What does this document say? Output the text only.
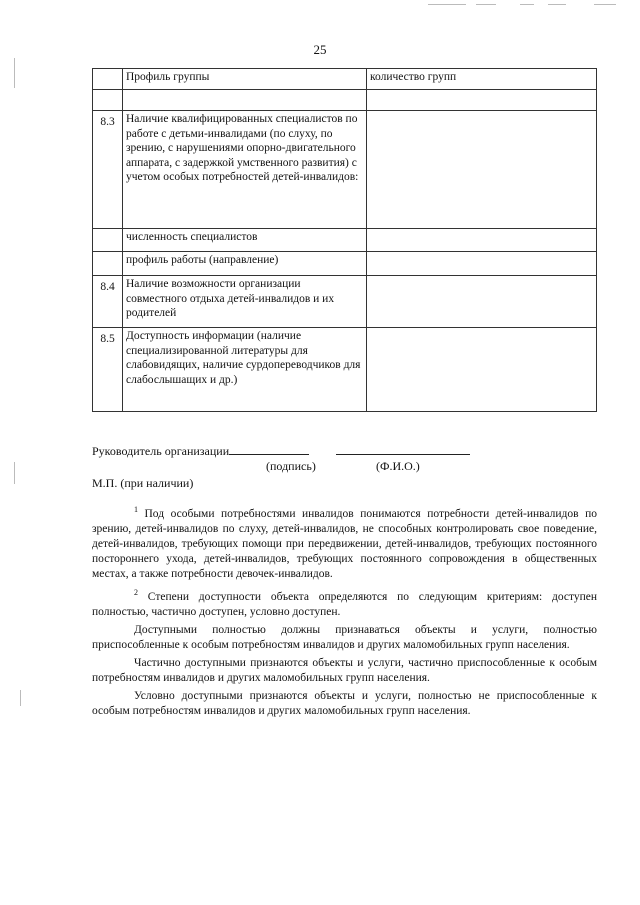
25
	Профиль группы	количество групп

8.3	Наличие квалифицированных специалистов по работе с детьми-инвалидами (по слуху, по зрению, с нарушениями опорно-двигательного аппарата, с задержкой умственного развития) с учетом особых потребностей детей-инвалидов:	
	численность специалистов	
	профиль работы (направление)	
8.4	Наличие возможности организации совместного отдыха детей-инвалидов и их родителей	
8.5	Доступность информации (наличие специализированной литературы для слабовидящих, наличие сурдопереводчиков для слабослышащих и др.)	
Руководитель организации
(подпись)	(Ф.И.О.)
М.П. (при наличии)

$^1$ Под особыми потребностями инвалидов понимаются потребности детей-инвалидов по зрению, детей-инвалидов по слуху, детей-инвалидов, не способных контролировать свое поведение, детей-инвалидов, требующих помощи при передвижении, детей-инвалидов, требующих постоянного постороннего ухода, детей-инвалидов, требующих постоянного сопровождения в общественных местах, а также потребности девочек-инвалидов.

$^2$ Степени доступности объекта определяются по следующим критериям: доступен полностью, частично доступен, условно доступен.

Доступными полностью должны признаваться объекты и услуги, полностью приспособленные к особым потребностям инвалидов и других маломобильных групп населения.

Частично доступными признаются объекты и услуги, частично приспособленные к особым потребностям инвалидов и других маломобильных групп населения.

Условно доступными признаются объекты и услуги, полностью не приспособленные к особым потребностям инвалидов и других маломобильных групп населения.
